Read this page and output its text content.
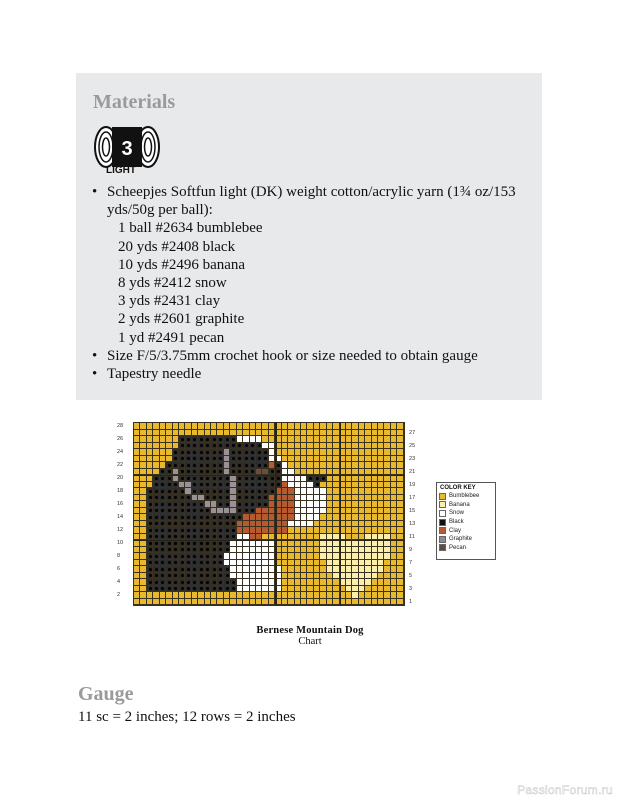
Materials
3
LIGHT
• Scheepjes Softfun light (DK) weight cotton/acrylic yarn (1¾ oz/153 yds/50g per ball):
1 ball #2634 bumblebee
20 yds #2408 black
10 yds #2496 banana
8 yds #2412 snow
3 yds #2431 clay
2 yds #2601 graphite
1 yd #2491 pecan
• Size F/5/3.75mm crochet hook or size needed to obtain gauge
• Tapestry needle
28
26
24
22
20
18
16
14
12
10
8
6
4
2
27
25
23
21
19
17
15
13
11
9
7
5
3
1
COLOR KEY
Bumblebee
Banana
Snow
Black
Clay
Graphite
Pecan
Bernese Mountain Dog
Chart
Gauge
11 sc = 2 inches; 12 rows = 2 inches
PassionForum.ru
